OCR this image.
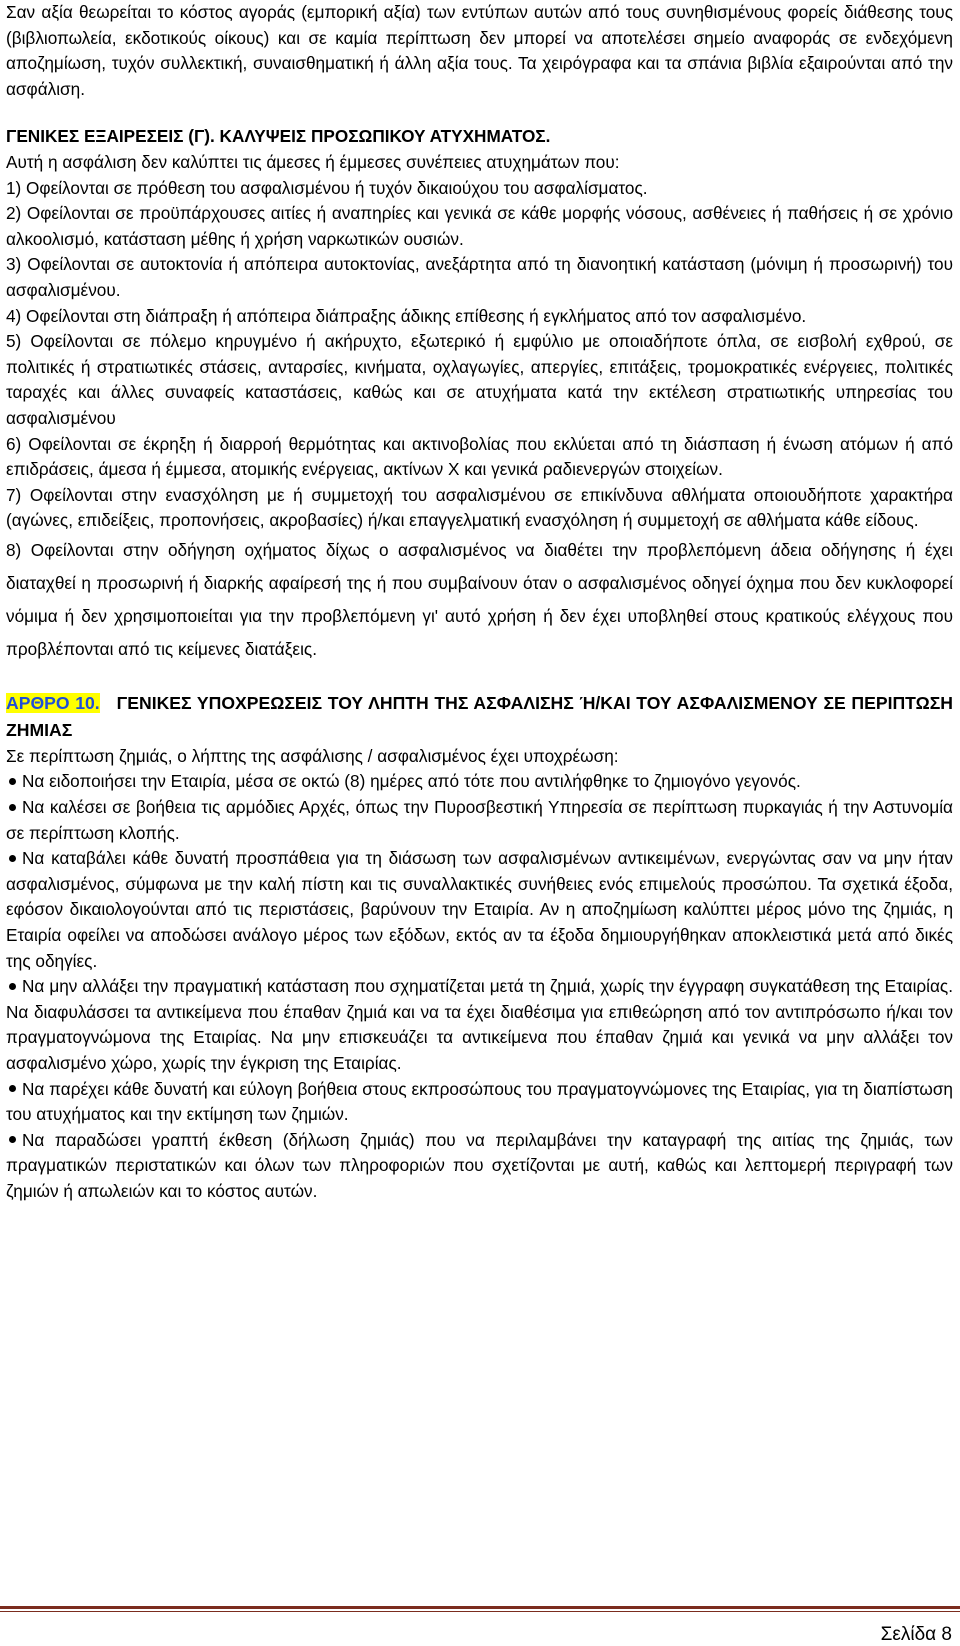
Σαν αξία θεωρείται το κόστος αγοράς (εμπορική αξία) των εντύπων αυτών από τους συνηθισμένους φορείς διάθεσης τους (βιβλιοπωλεία, εκδοτικούς οίκους) και σε καμία περίπτωση δεν μπορεί να αποτελέσει σημείο αναφοράς σε ενδεχόμενη αποζημίωση, τυχόν συλλεκτική, συναισθηματική ή άλλη αξία τους. Τα χειρόγραφα και τα σπάνια βιβλία εξαιρούνται από την ασφάλιση.

ΓΕΝΙΚΕΣ ΕΞΑΙΡΕΣΕΙΣ (Γ). ΚΑΛΥΨΕΙΣ ΠΡΟΣΩΠΙΚΟΥ ΑΤΥΧΗΜΑΤΟΣ.

Αυτή η ασφάλιση δεν καλύπτει τις άμεσες ή έμμεσες συνέπειες ατυχημάτων που:

1) Οφείλονται σε πρόθεση του ασφαλισμένου ή τυχόν δικαιούχου του ασφαλίσματος.

2) Οφείλονται σε προϋπάρχουσες αιτίες ή αναπηρίες και γενικά σε κάθε μορφής νόσους, ασθένειες ή παθήσεις ή σε χρόνιο αλκοολισμό, κατάσταση μέθης ή χρήση ναρκωτικών ουσιών.

3) Οφείλονται σε αυτοκτονία ή απόπειρα αυτοκτονίας, ανεξάρτητα από τη διανοητική κατάσταση (μόνιμη ή προσωρινή) του ασφαλισμένου.

4) Οφείλονται στη διάπραξη ή απόπειρα διάπραξης άδικης επίθεσης ή εγκλήματος από τον ασφαλισμένο.

5) Οφείλονται σε πόλεμο κηρυγμένο ή ακήρυχτο, εξωτερικό ή εμφύλιο με οποιαδήποτε όπλα, σε εισβολή εχθρού, σε πολιτικές ή στρατιωτικές στάσεις, ανταρσίες, κινήματα, οχλαγωγίες, απεργίες, επιτάξεις, τρομοκρατικές ενέργειες, πολιτικές ταραχές και άλλες συναφείς καταστάσεις, καθώς και σε ατυχήματα κατά την εκτέλεση στρατιωτικής υπηρεσίας του ασφαλισμένου

6) Οφείλονται σε έκρηξη ή διαρροή θερμότητας και ακτινοβολίας που εκλύεται από τη διάσπαση ή ένωση ατόμων ή από επιδράσεις, άμεσα ή έμμεσα, ατομικής ενέργειας, ακτίνων Χ και γενικά ραδιενεργών στοιχείων.

7) Οφείλονται στην ενασχόληση με ή συμμετοχή του ασφαλισμένου σε επικίνδυνα αθλήματα οποιουδήποτε χαρακτήρα (αγώνες, επιδείξεις, προπονήσεις, ακροβασίες) ή/και επαγγελματική ενασχόληση ή συμμετοχή σε αθλήματα κάθε είδους.

8) Οφείλονται στην οδήγηση οχήματος δίχως ο ασφαλισμένος να διαθέτει την προβλεπόμενη άδεια οδήγησης ή έχει διαταχθεί η προσωρινή ή διαρκής αφαίρεσή της ή που συμβαίνουν όταν ο ασφαλισμένος οδηγεί όχημα που δεν κυκλοφορεί νόμιμα ή δεν χρησιμοποιείται για την προβλεπόμενη γι' αυτό χρήση ή δεν έχει υποβληθεί στους κρατικούς ελέγχους που προβλέπονται από τις κείμενες διατάξεις.

ΑΡΘΡΟ 10. ΓΕΝΙΚΕΣ ΥΠΟΧΡΕΩΣΕΙΣ ΤΟΥ ΛΗΠΤΗ ΤΗΣ ΑΣΦΑΛΙΣΗΣ Ή/ΚΑΙ ΤΟΥ ΑΣΦΑΛΙΣΜΕΝΟΥ ΣΕ ΠΕΡΙΠΤΩΣΗ ΖΗΜΙΑΣ

Σε περίπτωση ζημιάς, ο λήπτης της ασφάλισης / ασφαλισμένος έχει υποχρέωση:

Να ειδοποιήσει την Εταιρία, μέσα σε οκτώ (8) ημέρες από τότε που αντιλήφθηκε το ζημιογόνο γεγονός.

Να καλέσει σε βοήθεια τις αρμόδιες Αρχές, όπως την Πυροσβεστική Υπηρεσία σε περίπτωση πυρκαγιάς ή την Αστυνομία σε περίπτωση κλοπής.

Να καταβάλει κάθε δυνατή προσπάθεια για τη διάσωση των ασφαλισμένων αντικειμένων, ενεργώντας σαν να μην ήταν ασφαλισμένος, σύμφωνα με την καλή πίστη και τις συναλλακτικές συνήθειες ενός επιμελούς προσώπου. Τα σχετικά έξοδα, εφόσον δικαιολογούνται από τις περιστάσεις, βαρύνουν την Εταιρία. Αν η αποζημίωση καλύπτει μέρος μόνο της ζημιάς, η Εταιρία οφείλει να αποδώσει ανάλογο μέρος των εξόδων, εκτός αν τα έξοδα δημιουργήθηκαν αποκλειστικά μετά από δικές της οδηγίες.

Να μην αλλάξει την πραγματική κατάσταση που σχηματίζεται μετά τη ζημιά, χωρίς την έγγραφη συγκατάθεση της Εταιρίας. Να διαφυλάσσει τα αντικείμενα που έπαθαν ζημιά και να τα έχει διαθέσιμα για επιθεώρηση από τον αντιπρόσωπο ή/και τον πραγματογνώμονα της Εταιρίας. Να μην επισκευάζει τα αντικείμενα που έπαθαν ζημιά και γενικά να μην αλλάξει τον ασφαλισμένο χώρο, χωρίς την έγκριση της Εταιρίας.

Να παρέχει κάθε δυνατή και εύλογη βοήθεια στους εκπροσώπους του πραγματογνώμονες της Εταιρίας, για τη διαπίστωση του ατυχήματος και την εκτίμηση των ζημιών.

Να παραδώσει γραπτή έκθεση (δήλωση ζημιάς) που να περιλαμβάνει την καταγραφή της αιτίας της ζημιάς, των πραγματικών περιστατικών και όλων των πληροφοριών που σχετίζονται με αυτή, καθώς και λεπτομερή περιγραφή των ζημιών ή απωλειών και το κόστος αυτών.

Σελίδα 8
